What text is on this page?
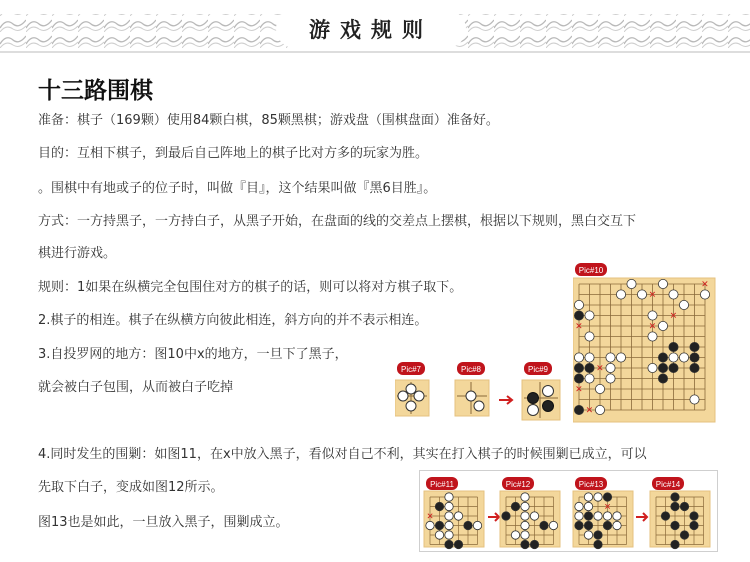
游戏规则
十三路围棋
准备：棋子（169颗）使用84颗白棋，85颗黑棋；游戏盘（围棋盘面）准备好。
目的：互相下棋子，到最后自己阵地上的棋子比对方多的玩家为胜。
。围棋中有地或子的位子时，叫做『目』，这个结果叫做『黑6目胜』。
方式：一方持黑子，一方持白子，从黑子开始，在盘面的线的交差点上摆棋，根据以下规则，黑白交互下
棋进行游戏。
规则：1如果在纵横完全包围住对方的棋子的话，则可以将对方棋子取下。
2.棋子的相连。棋子在纵横方向彼此相连，斜方向的并不表示相连。
3.自投罗网的地方：图10中x的地方，一旦下了黑子，
就会被白子包围，从而被白子吃掉
4.同时发生的围剿：如图11，在x中放入黑子，看似对自己不利，其实在打入棋子的时候围剿已成立，可以
先取下白子，变成如图12所示。
图13也是如此，一旦放入黑子，围剿成立。
Pic#7	Pic#8	Pic#9
Pic#10
✕
✕
✕
✕	✕
✕
✕
✕
✕
Pic#11	Pic#12
✕
Pic#13	Pic#14
